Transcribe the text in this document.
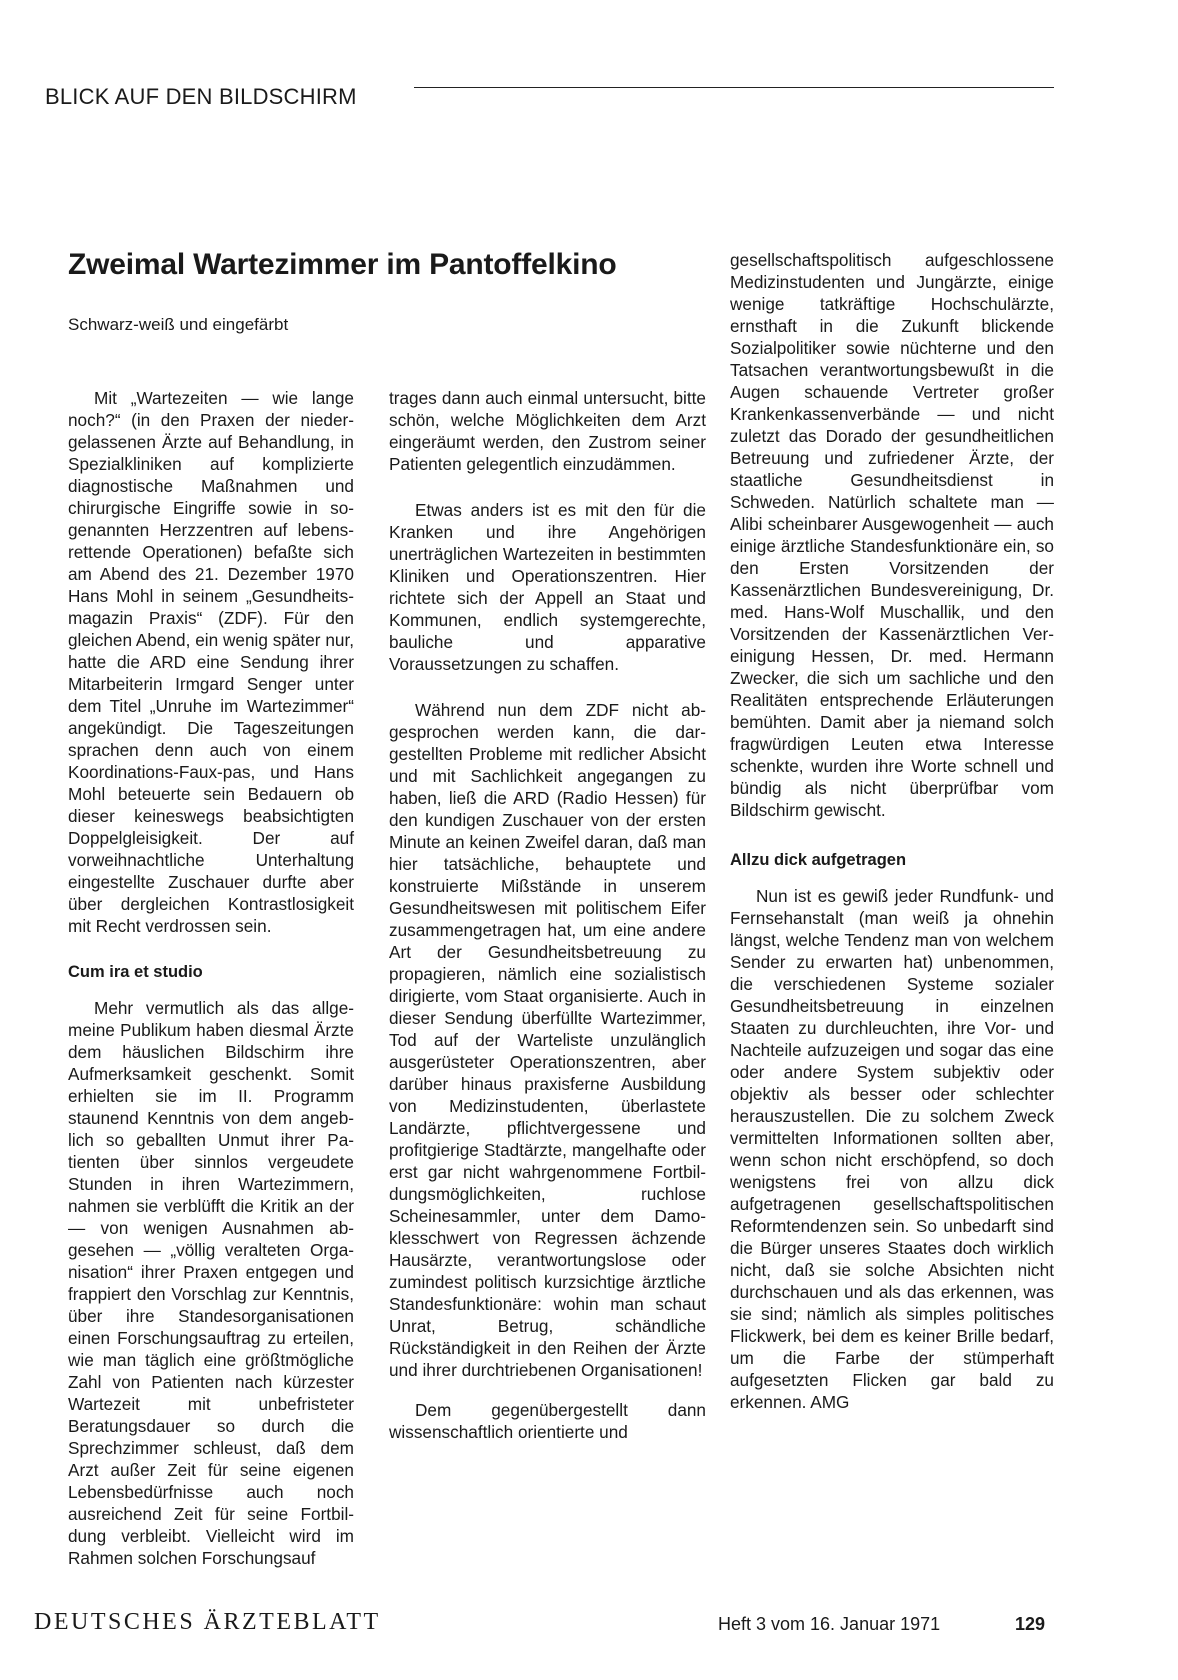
BLICK AUF DEN BILDSCHIRM
Zweimal Wartezimmer im Pantoffelkino
Schwarz-weiß und eingefärbt

Mit „Wartezeiten — wie lange noch?“ (in den Praxen der niedergelassenen Ärzte auf Behandlung, in Spezialkliniken auf komplizierte diagnostische Maßnahmen und chirurgische Eingriffe sowie in sogenannten Herzzentren auf lebensrettende Operationen) befaßte sich am Abend des 21. Dezember 1970 Hans Mohl in seinem „Gesundheitsmagazin Praxis“ (ZDF). Für den gleichen Abend, ein wenig später nur, hatte die ARD eine Sendung ihrer Mitarbeiterin Irmgard Senger unter dem Titel „Unruhe im Wartezimmer“ angekündigt. Die Tageszeitungen sprachen denn auch von einem Koordinations-Faux-pas, und Hans Mohl beteuerte sein Bedauern ob dieser keineswegs beabsichtigten Doppelgleisigkeit. Der auf vorweihnachtliche Unterhaltung eingestellte Zuschauer durfte aber über dergleichen Kontrastlosigkeit mit Recht verdrossen sein.

Cum ira et studio

Mehr vermutlich als das allgemeine Publikum haben diesmal Ärzte dem häuslichen Bildschirm ihre Aufmerksamkeit geschenkt. Somit erhielten sie im II. Programm staunend Kenntnis von dem angeblich so geballten Unmut ihrer Patienten über sinnlos vergeudete Stunden in ihren Wartezimmern, nahmen sie verblüfft die Kritik an der — von wenigen Ausnahmen abgesehen — „völlig veralteten Organisation“ ihrer Praxen entgegen und frappiert den Vorschlag zur Kenntnis, über ihre Standesorganisationen einen Forschungsauftrag zu erteilen, wie man täglich eine größtmögliche Zahl von Patienten nach kürzester Wartezeit mit unbefristeter Beratungsdauer so durch die Sprechzimmer schleust, daß dem Arzt außer Zeit für seine eigenen Lebensbedürfnisse auch noch ausreichend Zeit für seine Fortbildung verbleibt. Vielleicht wird im Rahmen solchen Forschungsauf

trages dann auch einmal untersucht, bitte schön, welche Möglichkeiten dem Arzt eingeräumt werden, den Zustrom seiner Patienten gelegentlich einzudämmen.

Etwas anders ist es mit den für die Kranken und ihre Angehörigen unerträglichen Wartezeiten in bestimmten Kliniken und Operationszentren. Hier richtete sich der Appell an Staat und Kommunen, endlich systemgerechte, bauliche und apparative Voraussetzungen zu schaffen.

Während nun dem ZDF nicht abgesprochen werden kann, die dargestellten Probleme mit redlicher Absicht und mit Sachlichkeit angegangen zu haben, ließ die ARD (Radio Hessen) für den kundigen Zuschauer von der ersten Minute an keinen Zweifel daran, daß man hier tatsächliche, behauptete und konstruierte Mißstände in unserem Gesundheitswesen mit politischem Eifer zusammengetragen hat, um eine andere Art der Gesundheitsbetreuung zu propagieren, nämlich eine sozialistisch dirigierte, vom Staat organisierte. Auch in dieser Sendung überfüllte Wartezimmer, Tod auf der Warteliste unzulänglich ausgerüsteter Operationszentren, aber darüber hinaus praxisferne Ausbildung von Medizinstudenten, überlastete Landärzte, pflichtvergessene und profitgierige Stadtärzte, mangelhafte oder erst gar nicht wahrgenommene Fortbildungsmöglichkeiten, ruchlose Scheinesammler, unter dem Damoklesschwert von Regressen ächzende Hausärzte, verantwortungslose oder zumindest politisch kurzsichtige ärztliche Standesfunktionäre: wohin man schaut Unrat, Betrug, schändliche Rückständigkeit in den Reihen der Ärzte und ihrer durchtriebenen Organisationen!

Dem gegenübergestellt dann wissenschaftlich orientierte und

gesellschaftspolitisch aufgeschlossene Medizinstudenten und Jungärzte, einige wenige tatkräftige Hochschulärzte, ernsthaft in die Zukunft blickende Sozialpolitiker sowie nüchterne und den Tatsachen verantwortungsbewußt in die Augen schauende Vertreter großer Krankenkassenverbände — und nicht zuletzt das Dorado der gesundheitlichen Betreuung und zufriedener Ärzte, der staatliche Gesundheitsdienst in Schweden. Natürlich schaltete man — Alibi scheinbarer Ausgewogenheit — auch einige ärztliche Standesfunktionäre ein, so den Ersten Vorsitzenden der Kassenärztlichen Bundesvereinigung, Dr. med. Hans-Wolf Muschallik, und den Vorsitzenden der Kassenärztlichen Vereinigung Hessen, Dr. med. Hermann Zwecker, die sich um sachliche und den Realitäten entsprechende Erläuterungen bemühten. Damit aber ja niemand solch fragwürdigen Leuten etwa Interesse schenkte, wurden ihre Worte schnell und bündig als nicht überprüfbar vom Bildschirm gewischt.

Allzu dick aufgetragen

Nun ist es gewiß jeder Rundfunk- und Fernsehanstalt (man weiß ja ohnehin längst, welche Tendenz man von welchem Sender zu erwarten hat) unbenommen, die verschiedenen Systeme sozialer Gesundheitsbetreuung in einzelnen Staaten zu durchleuchten, ihre Vor- und Nachteile aufzuzeigen und sogar das eine oder andere System subjektiv oder objektiv als besser oder schlechter herauszustellen. Die zu solchem Zweck vermittelten Informationen sollten aber, wenn schon nicht erschöpfend, so doch wenigstens frei von allzu dick aufgetragenen gesellschaftspolitischen Reformtendenzen sein. So unbedarft sind die Bürger unseres Staates doch wirklich nicht, daß sie solche Absichten nicht durchschauen und als das erkennen, was sie sind; nämlich als simples politisches Flickwerk, bei dem es keiner Brille bedarf, um die Farbe der stümperhaft aufgesetzten Flicken gar bald zu erkennen. AMG

DEUTSCHES ÄRZTEBLATT	Heft 3 vom 16. Januar 1971	129
